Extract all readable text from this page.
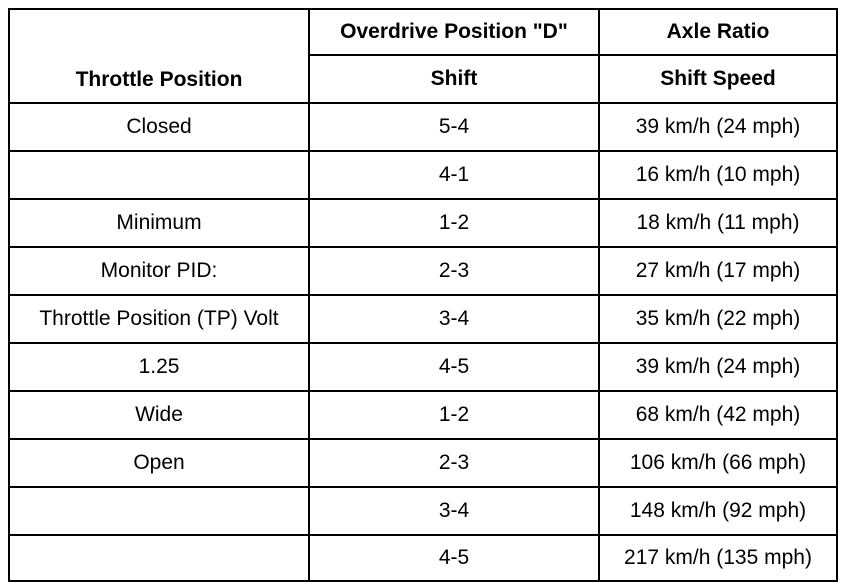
Throttle Position	Overdrive Position "D"	Axle Ratio
	Shift	Shift Speed
Closed	5-4	39 km/h (24 mph)
	4-1	16 km/h (10 mph)
Minimum	1-2	18 km/h (11 mph)
Monitor PID:	2-3	27 km/h (17 mph)
Throttle Position (TP) Volt	3-4	35 km/h (22 mph)
1.25	4-5	39 km/h (24 mph)
Wide	1-2	68 km/h (42 mph)
Open	2-3	106 km/h (66 mph)
	3-4	148 km/h (92 mph)
	4-5	217 km/h (135 mph)
